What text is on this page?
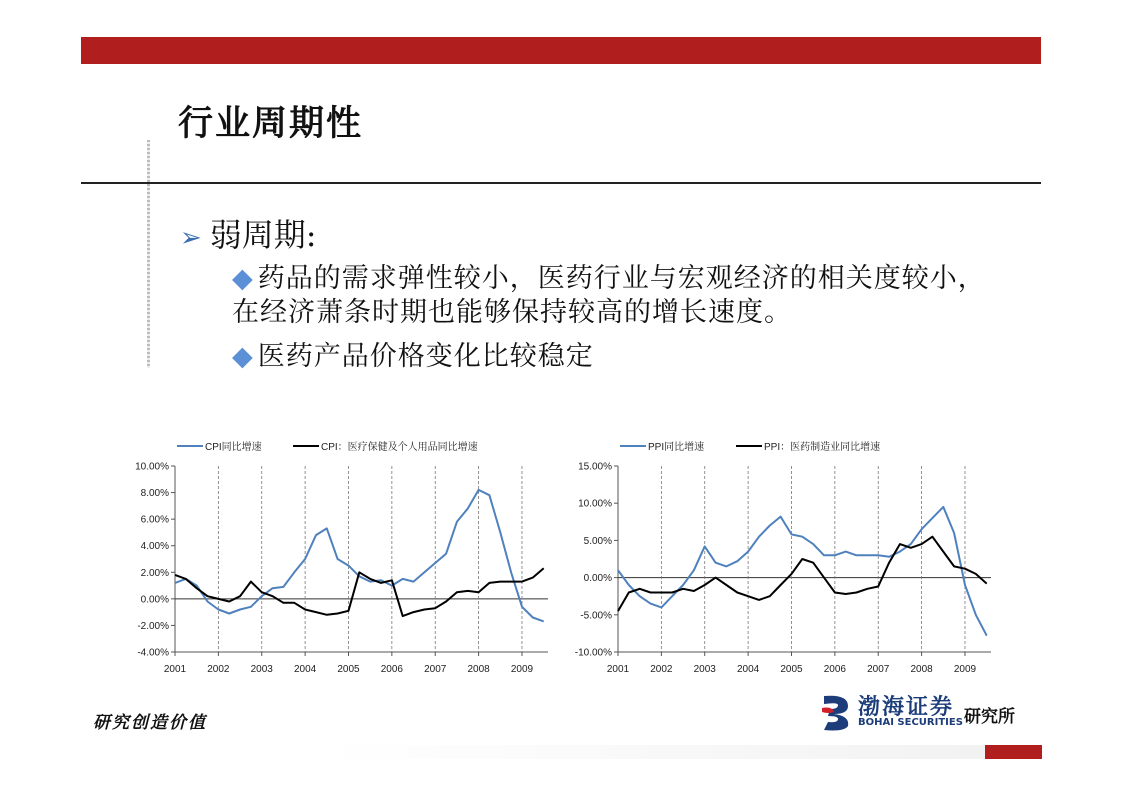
行业周期性
➢ 弱周期:
◆ 药品的需求弹性较小，医药行业与宏观经济的相关度较小，在经济萧条时期也能够保持较高的增长速度。
◆ 医药产品价格变化比较稳定
CPI同比增速	CPI：医疗保健及个人用品同比增速
-4.00%
-2.00%
0.00%
2.00%
4.00%
6.00%
8.00%
10.00%
2001 2002 2003 2004 2005 2006 2007 2008 2009
PPI同比增速	PPI：医药制造业同比增速
-10.00%
-5.00%
0.00%
5.00%
10.00%
15.00%
2001 2002 2003 2004 2005 2006 2007 2008 2009
研究创造价值
渤海证券
BOHAI SECURITIES 研究所
